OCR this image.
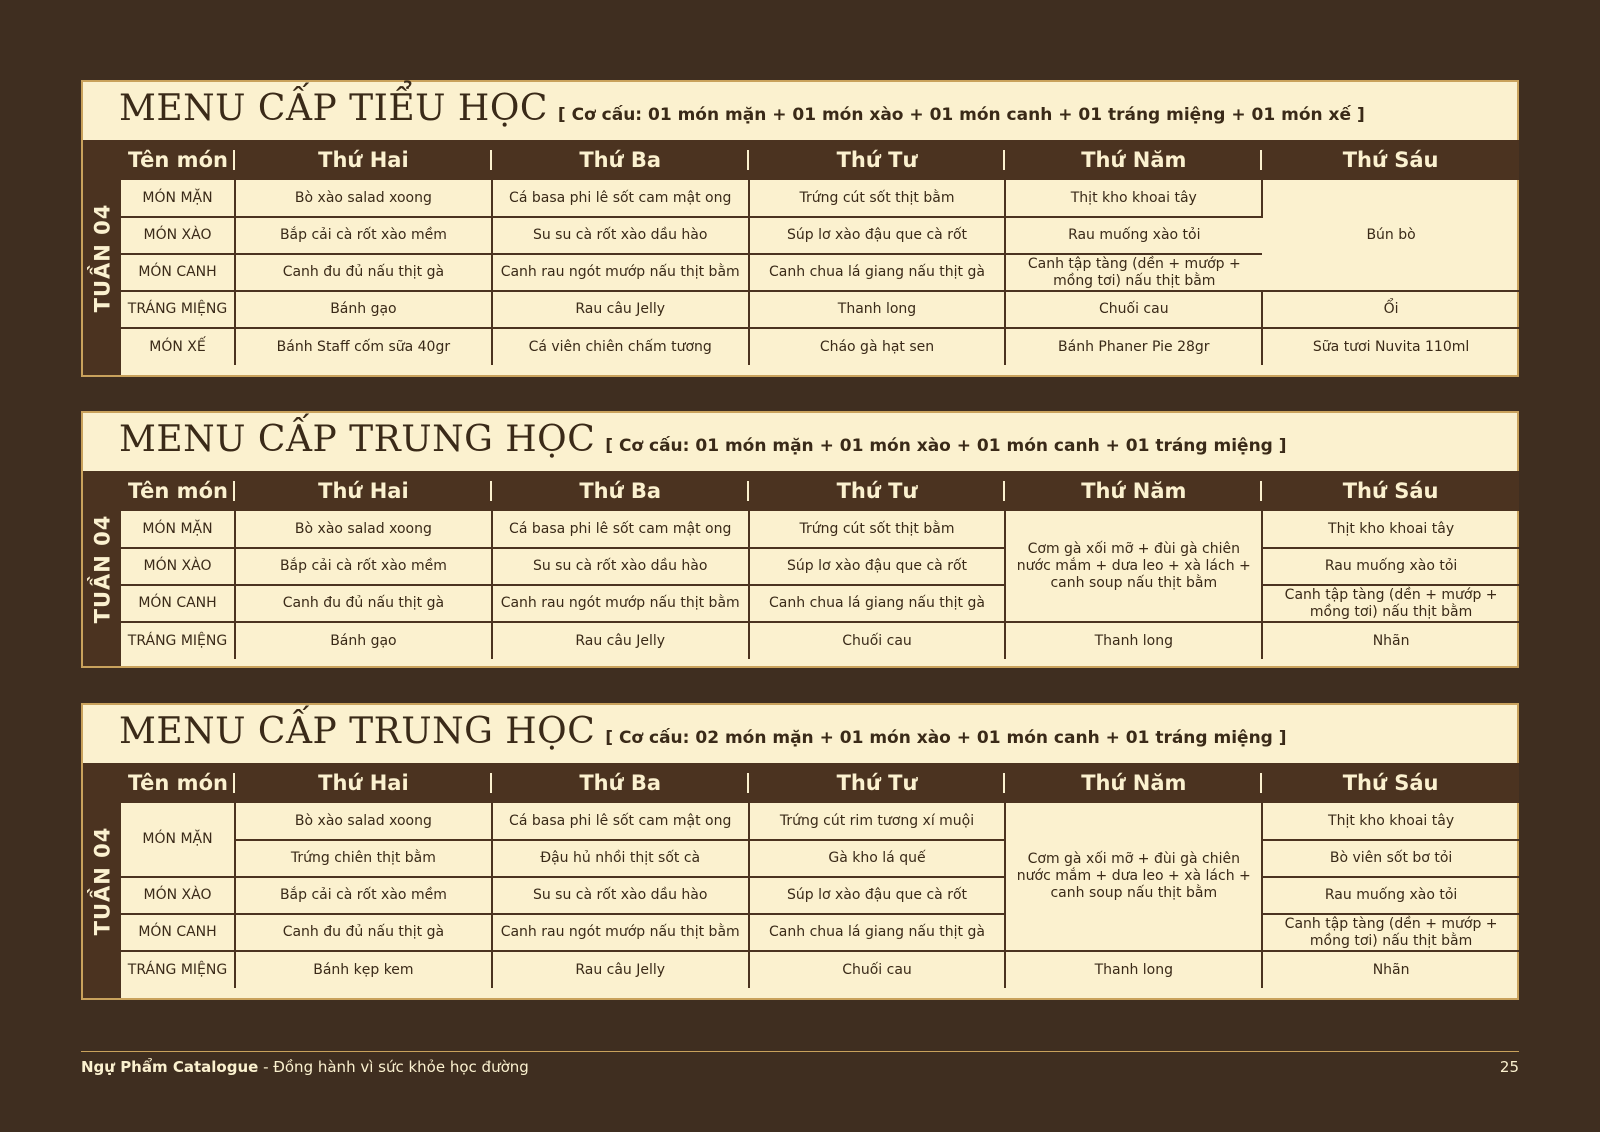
MENU CẤP TIỂU HỌC [ Cơ cấu: 01 món mặn + 01 món xào + 01 món canh + 01 tráng miệng + 01 món xế ]
TUẦN 04
Tên món	Thứ Hai	Thứ Ba	Thứ Tư	Thứ Năm	Thứ Sáu
MÓN MẶN	Bò xào salad xoong	Cá basa phi lê sốt cam mật ong	Trứng cút sốt thịt bằm	Thịt kho khoai tây	Bún bò
MÓN XÀO	Bắp cải cà rốt xào mềm	Su su cà rốt xào dầu hào	Súp lơ xào đậu que cà rốt	Rau muống xào tỏi	
MÓN CANH	Canh đu đủ nấu thịt gà	Canh rau ngót mướp nấu thịt bằm	Canh chua lá giang nấu thịt gà	Canh tập tàng (dền + mướp + mồng tơi) nấu thịt bằm	
TRÁNG MIỆNG	Bánh gạo	Rau câu Jelly	Thanh long	Chuối cau	Ổi
MÓN XẾ	Bánh Staff cốm sữa 40gr	Cá viên chiên chấm tương	Cháo gà hạt sen	Bánh Phaner Pie 28gr	Sữa tươi Nuvita 110ml
MENU CẤP TRUNG HỌC [ Cơ cấu: 01 món mặn + 01 món xào + 01 món canh + 01 tráng miệng ]
TUẦN 04
Tên món	Thứ Hai	Thứ Ba	Thứ Tư	Thứ Năm	Thứ Sáu
MÓN MẶN	Bò xào salad xoong	Cá basa phi lê sốt cam mật ong	Trứng cút sốt thịt bằm	Cơm gà xối mỡ + đùi gà chiên nước mắm + dưa leo + xà lách + canh soup nấu thịt bằm	Thịt kho khoai tây
MÓN XÀO	Bắp cải cà rốt xào mềm	Su su cà rốt xào dầu hào	Súp lơ xào đậu que cà rốt		Rau muống xào tỏi
MÓN CANH	Canh đu đủ nấu thịt gà	Canh rau ngót mướp nấu thịt bằm	Canh chua lá giang nấu thịt gà		Canh tập tàng (dền + mướp + mồng tơi) nấu thịt bằm
TRÁNG MIỆNG	Bánh gạo	Rau câu Jelly	Chuối cau	Thanh long	Nhãn
MENU CẤP TRUNG HỌC [ Cơ cấu: 02 món mặn + 01 món xào + 01 món canh + 01 tráng miệng ]
TUẦN 04
Tên món	Thứ Hai	Thứ Ba	Thứ Tư	Thứ Năm	Thứ Sáu
MÓN MẶN	Bò xào salad xoong	Cá basa phi lê sốt cam mật ong	Trứng cút rim tương xí muội	Cơm gà xối mỡ + đùi gà chiên nước mắm + dưa leo + xà lách + canh soup nấu thịt bằm	Thịt kho khoai tây
	Trứng chiên thịt bằm	Đậu hủ nhồi thịt sốt cà	Gà kho lá quế		Bò viên sốt bơ tỏi
MÓN XÀO	Bắp cải cà rốt xào mềm	Su su cà rốt xào dầu hào	Súp lơ xào đậu que cà rốt		Rau muống xào tỏi
MÓN CANH	Canh đu đủ nấu thịt gà	Canh rau ngót mướp nấu thịt bằm	Canh chua lá giang nấu thịt gà		Canh tập tàng (dền + mướp + mồng tơi) nấu thịt bằm
TRÁNG MIỆNG	Bánh kẹp kem	Rau câu Jelly	Chuối cau	Thanh long	Nhãn
Ngự Phẩm Catalogue - Đồng hành vì sức khỏe học đường	25
